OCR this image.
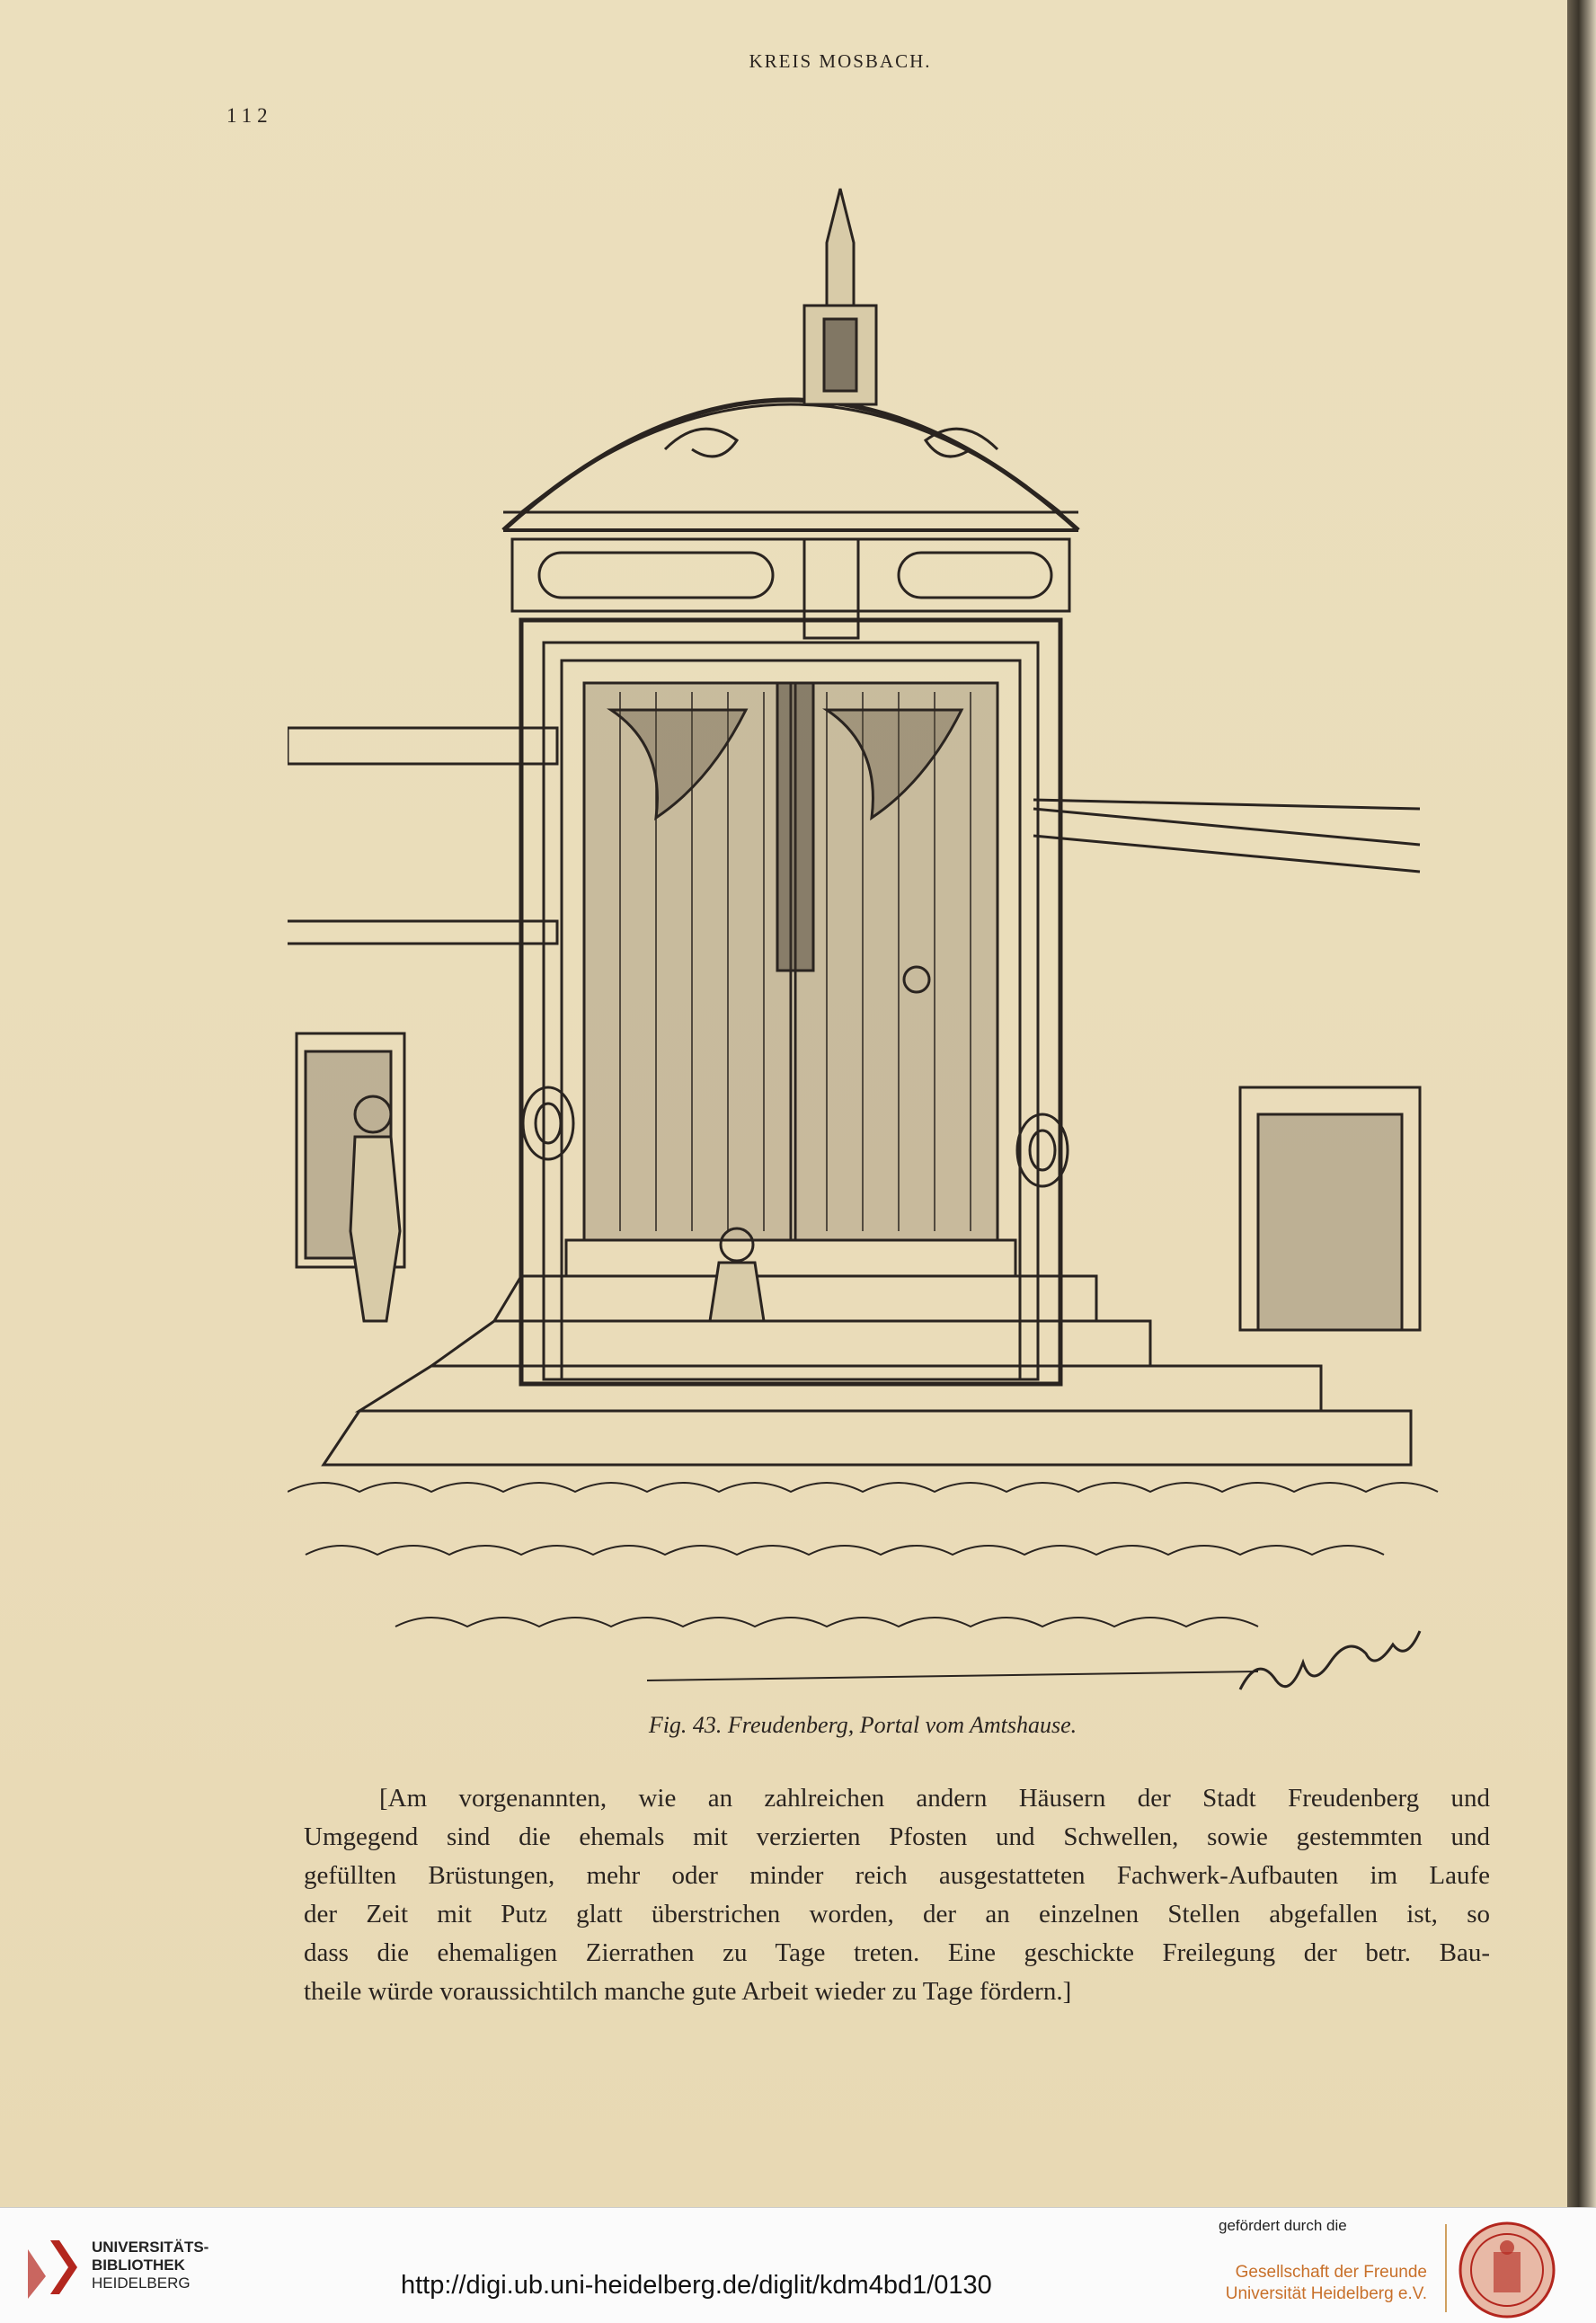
KREIS MOSBACH.
112
Fig. 43. Freudenberg, Portal vom Amtshause.
[Am vorgenannten, wie an zahlreichen andern Häusern der Stadt Freudenberg und
Umgegend sind die ehemals mit verzierten Pfosten und Schwellen, sowie gestemmten und
gefüllten Brüstungen, mehr oder minder reich ausgestatteten Fachwerk-Aufbauten im Laufe
der Zeit mit Putz glatt überstrichen worden, der an einzelnen Stellen abgefallen ist, so
dass die ehemaligen Zierrathen zu Tage treten. Eine geschickte Freilegung der betr. Bau-
theile würde voraussichtilch manche gute Arbeit wieder zu Tage fördern.]
UNIVERSITÄTS-
BIBLIOTHEK
HEIDELBERG	http://digi.ub.uni-heidelberg.de/diglit/kdm4bd1/0130
gefördert durch die
Gesellschaft der Freunde
Universität Heidelberg e.V.
